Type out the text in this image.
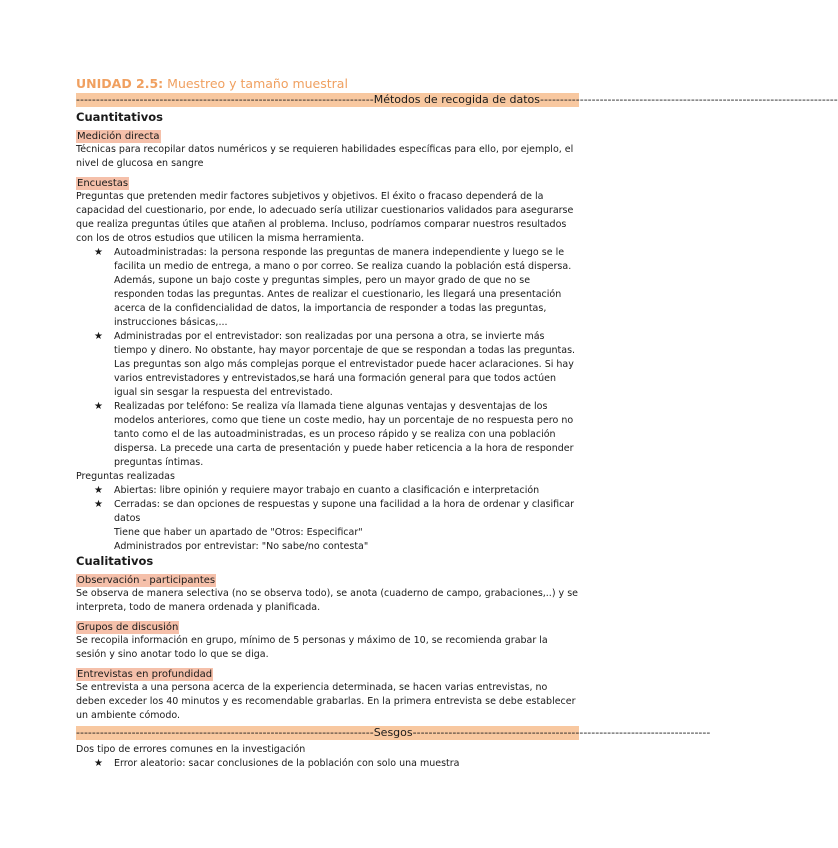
UNIDAD 2.5: Muestreo y tamaño muestral
--------------------------------------------------------------------------- Métodos de recogida de datos ---------------------------------------------------------------------------
Cuantitativos
Medición directa

Técnicas para recopilar datos numéricos y se requieren habilidades específicas para ello, por ejemplo, el nivel de glucosa en sangre

Encuestas

Preguntas que pretenden medir factores subjetivos y objetivos. El éxito o fracaso dependerá de la capacidad del cuestionario, por ende, lo adecuado sería utilizar cuestionarios validados para asegurarse que realiza preguntas útiles que atañen al problema. Incluso, podríamos comparar nuestros resultados con los de otros estudios que utilicen la misma herramienta.

★ Autoadministradas: la persona responde las preguntas de manera independiente y luego se le facilita un medio de entrega, a mano o por correo. Se realiza cuando la población está dispersa. Además, supone un bajo coste y preguntas simples, pero un mayor grado de que no se responden todas las preguntas. Antes de realizar el cuestionario, les llegará una presentación acerca de la confidencialidad de datos, la importancia de responder a todas las preguntas, instrucciones básicas,...
★ Administradas por el entrevistador: son realizadas por una persona a otra, se invierte más tiempo y dinero. No obstante, hay mayor porcentaje de que se respondan a todas las preguntas. Las preguntas son algo más complejas porque el entrevistador puede hacer aclaraciones. Si hay varios entrevistadores y entrevistados,se hará una formación general para que todos actúen igual sin sesgar la respuesta del entrevistado.
★ Realizadas por teléfono: Se realiza vía llamada tiene algunas ventajas y desventajas de los modelos anteriores, como que tiene un coste medio, hay un porcentaje de no respuesta pero no tanto como el de las autoadministradas, es un proceso rápido y se realiza con una población dispersa. La precede una carta de presentación y puede haber reticencia a la hora de responder preguntas íntimas.

Preguntas realizadas

★ Abiertas: libre opinión y requiere mayor trabajo en cuanto a clasificación e interpretación
★ Cerradas: se dan opciones de respuestas y supone una facilidad a la hora de ordenar y clasificar datos
Tiene que haber un apartado de "Otros: Especificar"
Administrados por entrevistar: "No sabe/no contesta"
Cualitativos
Observación - participantes

Se observa de manera selectiva (no se observa todo), se anota (cuaderno de campo, grabaciones,..) y se interpreta, todo de manera ordenada y planificada.

Grupos de discusión

Se recopila información en grupo, mínimo de 5 personas y máximo de 10, se recomienda grabar la sesión y sino anotar todo lo que se diga.

Entrevistas en profundidad

Se entrevista a una persona acerca de la experiencia determinada, se hacen varias entrevistas, no deben exceder los 40 minutos y es recomendable grabarlas. En la primera entrevista se debe establecer un ambiente cómodo.

--------------------------------------------------------------------------- Sesgos ---------------------------------------------------------------------------

Dos tipo de errores comunes en la investigación

★ Error aleatorio: sacar conclusiones de la población con solo una muestra
